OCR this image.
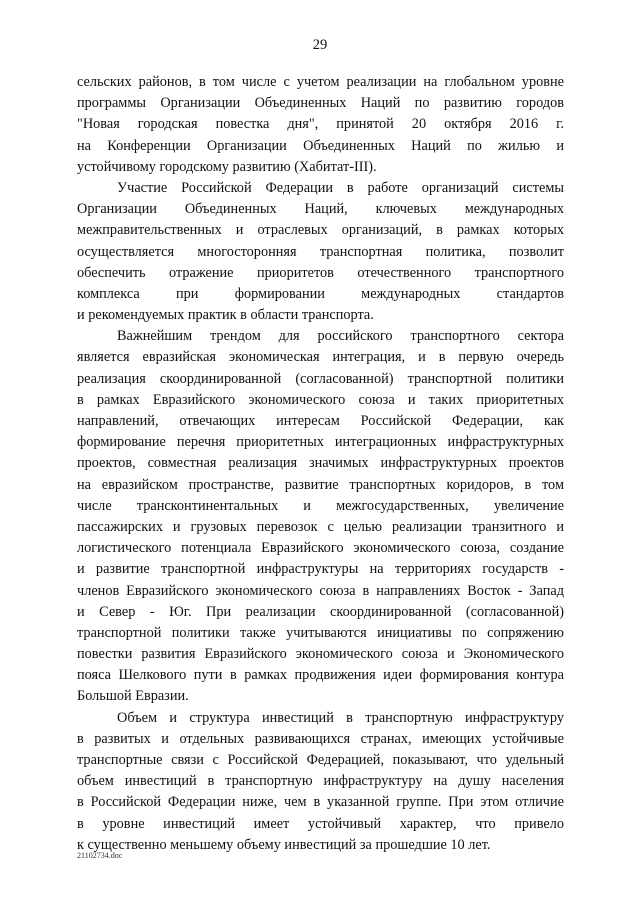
29
сельских районов, в том числе с учетом реализации на глобальном уровне
программы Организации Объединенных Наций по развитию городов
"Новая городская повестка дня", принятой 20 октября 2016 г.
на Конференции Организации Объединенных Наций по жилью и
устойчивому городскому развитию (Хабитат-III).
Участие Российской Федерации в работе организаций системы
Организации Объединенных Наций, ключевых международных
межправительственных и отраслевых организаций, в рамках которых
осуществляется многосторонняя транспортная политика, позволит
обеспечить отражение приоритетов отечественного транспортного
комплекса при формировании международных стандартов
и рекомендуемых практик в области транспорта.
Важнейшим трендом для российского транспортного сектора
является евразийская экономическая интеграция, и в первую очередь
реализация скоординированной (согласованной) транспортной политики
в рамках Евразийского экономического союза и таких приоритетных
направлений, отвечающих интересам Российской Федерации, как
формирование перечня приоритетных интеграционных инфраструктурных
проектов, совместная реализация значимых инфраструктурных проектов
на евразийском пространстве, развитие транспортных коридоров, в том
числе трансконтинентальных и межгосударственных, увеличение
пассажирских и грузовых перевозок с целью реализации транзитного и
логистического потенциала Евразийского экономического союза, создание
и развитие транспортной инфраструктуры на территориях государств -
членов Евразийского экономического союза в направлениях Восток - Запад
и Север - Юг. При реализации скоординированной (согласованной)
транспортной политики также учитываются инициативы по сопряжению
повестки развития Евразийского экономического союза и Экономического
пояса Шелкового пути в рамках продвижения идеи формирования контура
Большой Евразии.
Объем и структура инвестиций в транспортную инфраструктуру
в развитых и отдельных развивающихся странах, имеющих устойчивые
транспортные связи с Российской Федерацией, показывают, что удельный
объем инвестиций в транспортную инфраструктуру на душу населения
в Российской Федерации ниже, чем в указанной группе. При этом отличие
в уровне инвестиций имеет устойчивый характер, что привело
к существенно меньшему объему инвестиций за прошедшие 10 лет.
21102734.doc
